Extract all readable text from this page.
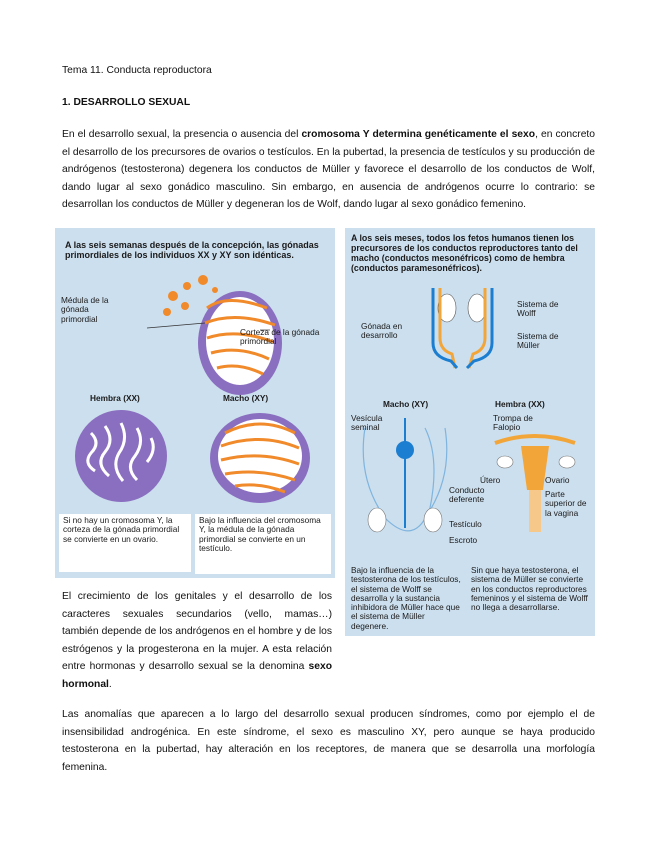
Tema 11. Conducta reproductora
1. DESARROLLO SEXUAL
En el desarrollo sexual, la presencia o ausencia del cromosoma Y determina genéticamente el sexo, en concreto el desarrollo de los precursores de ovarios o testículos. En la pubertad, la presencia de testículos y su producción de andrógenos (testosterona) degenera los conductos de Müller y favorece el desarrollo de los conductos de Wolf, dando lugar al sexo gonádico masculino. Sin embargo, en ausencia de andrógenos ocurre lo contrario: se desarrollan los conductos de Müller y degeneran los de Wolf, dando lugar al sexo gonádico femenino.
A las seis semanas después de la concepción, las gónadas primordiales de los individuos XX y XY son idénticas.
Médula de la gónada primordial
Corteza de la gónada primordial
Hembra (XX)	Macho (XY)
Si no hay un cromosoma Y, la corteza de la gónada primordial se convierte en un ovario.
Bajo la influencia del cromosoma Y, la médula de la gónada primordial se convierte en un testículo.
A los seis meses, todos los fetos humanos tienen los precursores de los conductos reproductores tanto del macho (conductos mesonéfricos) como de hembra (conductos paramesonéfricos).
Gónada en desarrollo
Sistema de Wolff
Sistema de Müller
Macho (XY)	Hembra (XX)
Vesícula seminal
Trompa de Falopio
Útero	Ovario
Conducto deferente
Parte superior de la vagina
Testículo
Escroto
Bajo la influencia de la testosterona de los testículos, el sistema de Wolff se desarrolla y la sustancia inhibidora de Müller hace que el sistema de Müller degenere.
Sin que haya testosterona, el sistema de Müller se convierte en los conductos reproductores femeninos y el sistema de Wolff no llega a desarrollarse.
El crecimiento de los genitales y el desarrollo de los caracteres sexuales secundarios (vello, mamas…) también depende de los andrógenos en el hombre y de los estrógenos y la progesterona en la mujer. A esta relación entre hormonas y desarrollo sexual se la denomina sexo hormonal.
Las anomalías que aparecen a lo largo del desarrollo sexual producen síndromes, como por ejemplo el de insensibilidad androgénica. En este síndrome, el sexo es masculino XY, pero aunque se haya producido testosterona en la pubertad, hay alteración en los receptores, de manera que se desarrolla una morfología femenina.
